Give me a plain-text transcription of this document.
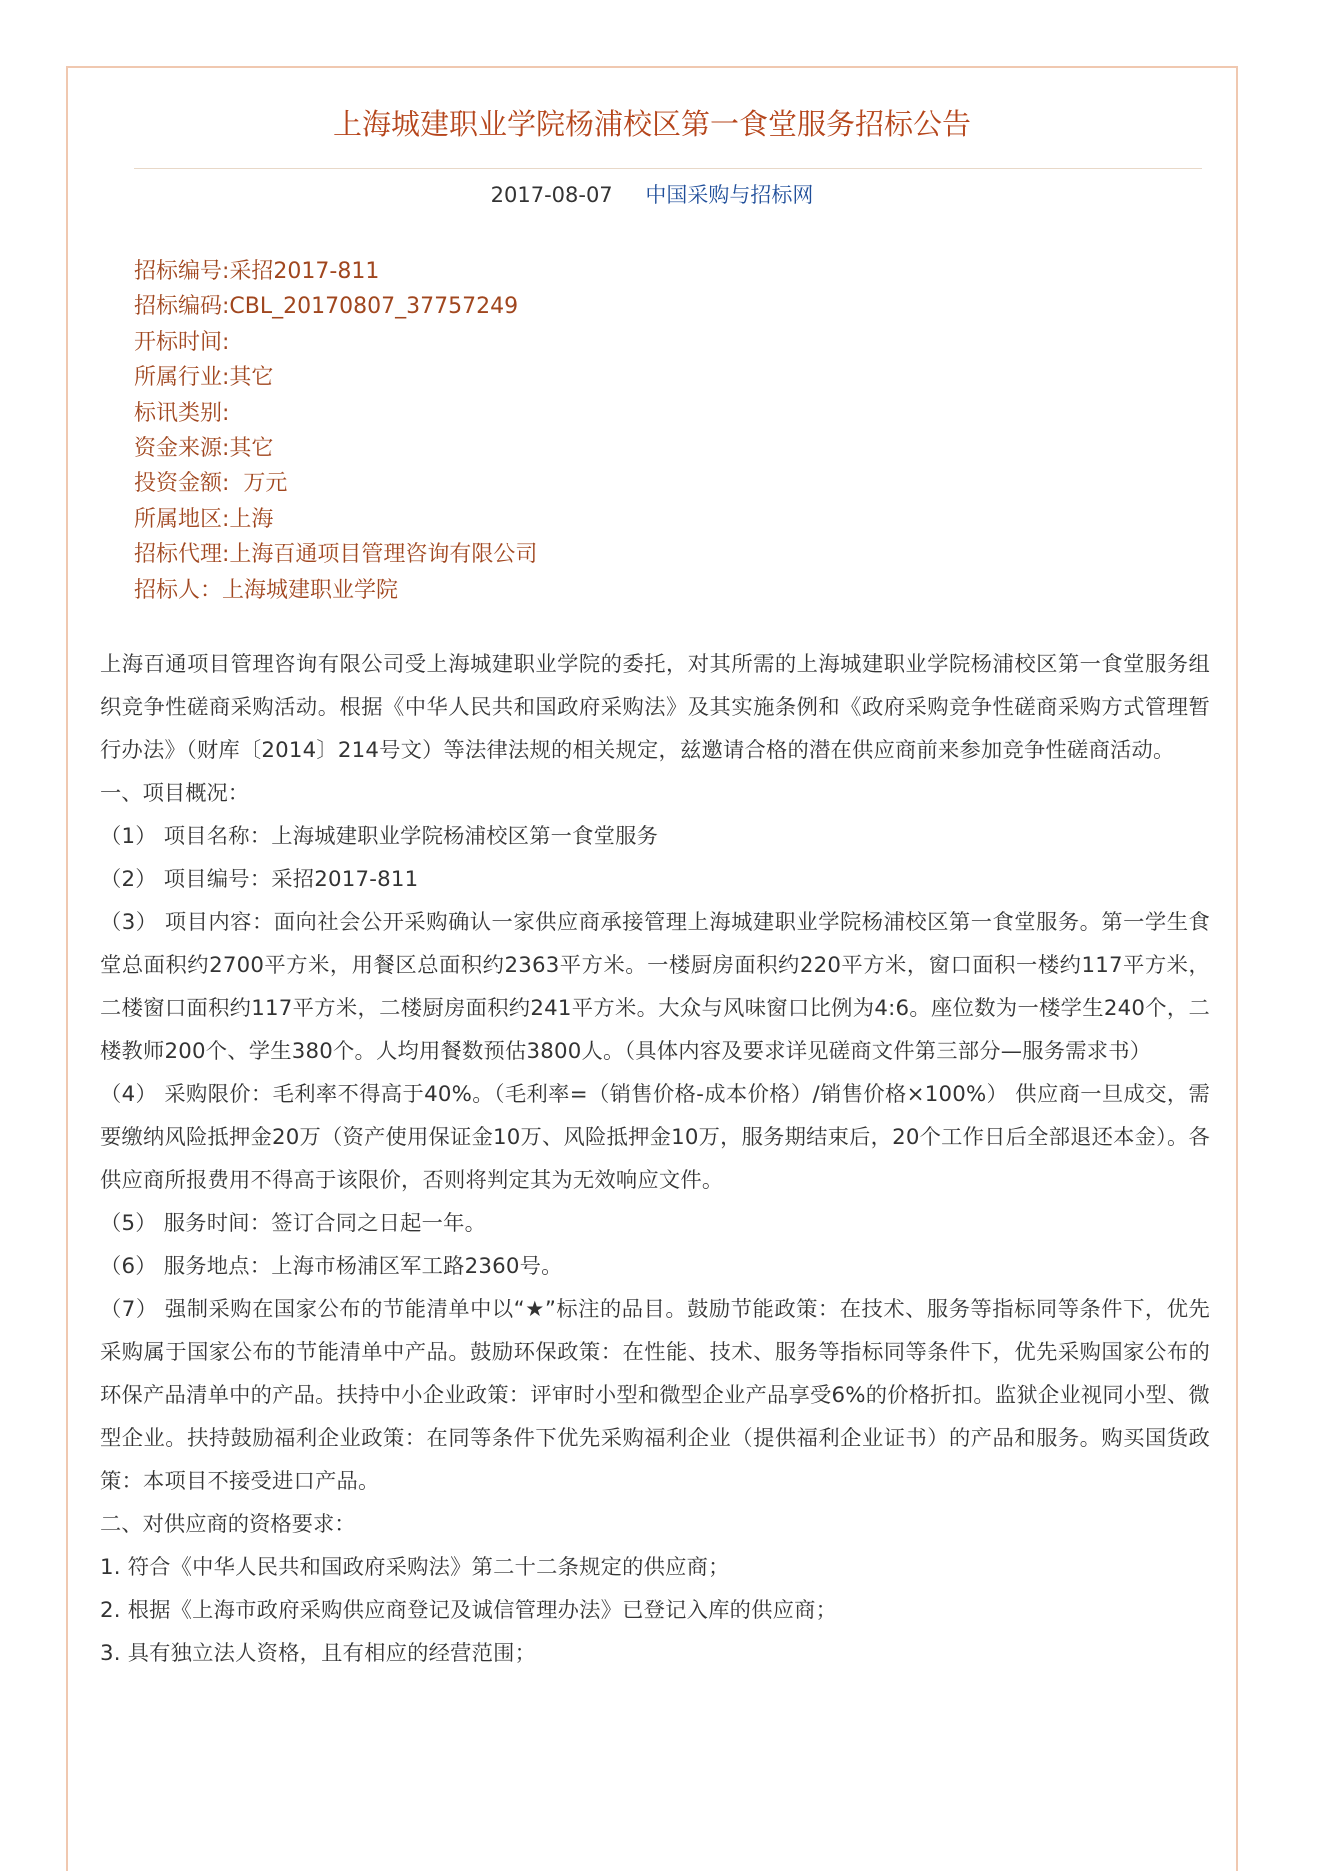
上海城建职业学院杨浦校区第一食堂服务招标公告
2017-08-07 中国采购与招标网
招标编号:采招2017-811
招标编码:CBL_20170807_37757249
开标时间:
所属行业:其它
标讯类别:
资金来源:其它
投资金额:  万元
所属地区:上海
招标代理:上海百通项目管理咨询有限公司
招标人：上海城建职业学院

上海百通项目管理咨询有限公司受上海城建职业学院的委托，对其所需的上海城建职业学院杨浦校区第一食堂服务组织竞争性磋商采购活动。根据《中华人民共和国政府采购法》及其实施条例和《政府采购竞争性磋商采购方式管理暂行办法》（财库〔2014〕214号文）等法律法规的相关规定，兹邀请合格的潜在供应商前来参加竞争性磋商活动。

一、项目概况：

（1） 项目名称：上海城建职业学院杨浦校区第一食堂服务

（2） 项目编号：采招2017-811

（3） 项目内容：面向社会公开采购确认一家供应商承接管理上海城建职业学院杨浦校区第一食堂服务。第一学生食堂总面积约2700平方米，用餐区总面积约2363平方米。一楼厨房面积约220平方米，窗口面积一楼约117平方米，二楼窗口面积约117平方米，二楼厨房面积约241平方米。大众与风味窗口比例为4:6。座位数为一楼学生240个，二楼教师200个、学生380个。人均用餐数预估3800人。（具体内容及要求详见磋商文件第三部分—服务需求书）

（4） 采购限价：毛利率不得高于40%。（毛利率=（销售价格-成本价格）/销售价格×100%） 供应商一旦成交，需要缴纳风险抵押金20万（资产使用保证金10万、风险抵押金10万，服务期结束后，20个工作日后全部退还本金）。各供应商所报费用不得高于该限价，否则将判定其为无效响应文件。

（5） 服务时间：签订合同之日起一年。

（6） 服务地点：上海市杨浦区军工路2360号。

（7） 强制采购在国家公布的节能清单中以“★”标注的品目。鼓励节能政策：在技术、服务等指标同等条件下，优先采购属于国家公布的节能清单中产品。鼓励环保政策：在性能、技术、服务等指标同等条件下，优先采购国家公布的环保产品清单中的产品。扶持中小企业政策：评审时小型和微型企业产品享受6%的价格折扣。监狱企业视同小型、微型企业。扶持鼓励福利企业政策：在同等条件下优先采购福利企业（提供福利企业证书）的产品和服务。购买国货政策：本项目不接受进口产品。

二、对供应商的资格要求：

1. 符合《中华人民共和国政府采购法》第二十二条规定的供应商；

2. 根据《上海市政府采购供应商登记及诚信管理办法》已登记入库的供应商；

3. 具有独立法人资格，且有相应的经营范围；
